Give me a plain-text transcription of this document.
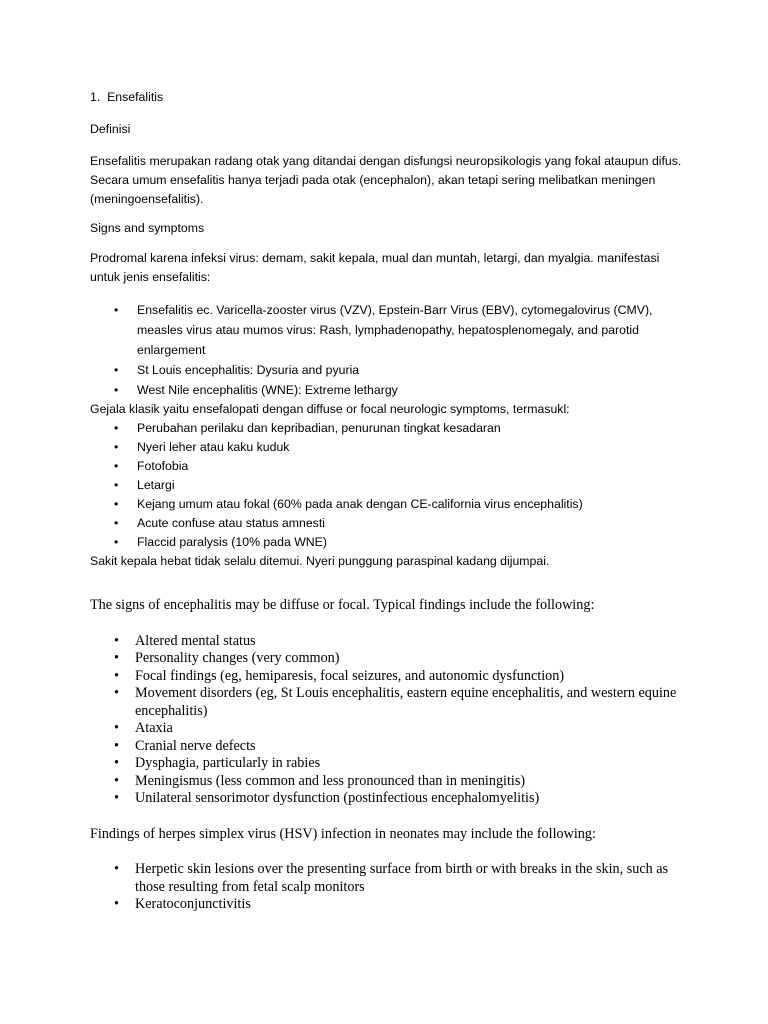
1. Ensefalitis

Definisi

Ensefalitis merupakan radang otak yang ditandai dengan disfungsi neuropsikologis yang fokal ataupun difus. Secara umum ensefalitis hanya terjadi pada otak (encephalon), akan tetapi sering melibatkan meningen (meningoensefalitis).

Signs and symptoms

Prodromal karena infeksi virus: demam, sakit kepala, mual dan muntah, letargi, dan myalgia. manifestasi untuk jenis ensefalitis:

• Ensefalitis ec. Varicella-zooster virus (VZV), Epstein-Barr Virus (EBV), cytomegalovirus (CMV), measles virus atau mumos virus: Rash, lymphadenopathy, hepatosplenomegaly, and parotid enlargement
• St Louis encephalitis: Dysuria and pyuria
• West Nile encephalitis (WNE): Extreme lethargy

Gejala klasik yaitu ensefalopati dengan diffuse or focal neurologic symptoms, termasukl:

• Perubahan perilaku dan kepribadian, penurunan tingkat kesadaran
• Nyeri leher atau kaku kuduk
• Fotofobia
• Letargi
• Kejang umum atau fokal (60% pada anak dengan CE-california virus encephalitis)
• Acute confuse atau status amnesti
• Flaccid paralysis (10% pada WNE)

Sakit kepala hebat tidak selalu ditemui. Nyeri punggung paraspinal kadang dijumpai.

The signs of encephalitis may be diffuse or focal. Typical findings include the following:

• Altered mental status
• Personality changes (very common)
• Focal findings (eg, hemiparesis, focal seizures, and autonomic dysfunction)
• Movement disorders (eg, St Louis encephalitis, eastern equine encephalitis, and western equine encephalitis)
• Ataxia
• Cranial nerve defects
• Dysphagia, particularly in rabies
• Meningismus (less common and less pronounced than in meningitis)
• Unilateral sensorimotor dysfunction (postinfectious encephalomyelitis)

Findings of herpes simplex virus (HSV) infection in neonates may include the following:

• Herpetic skin lesions over the presenting surface from birth or with breaks in the skin, such as those resulting from fetal scalp monitors
• Keratoconjunctivitis
